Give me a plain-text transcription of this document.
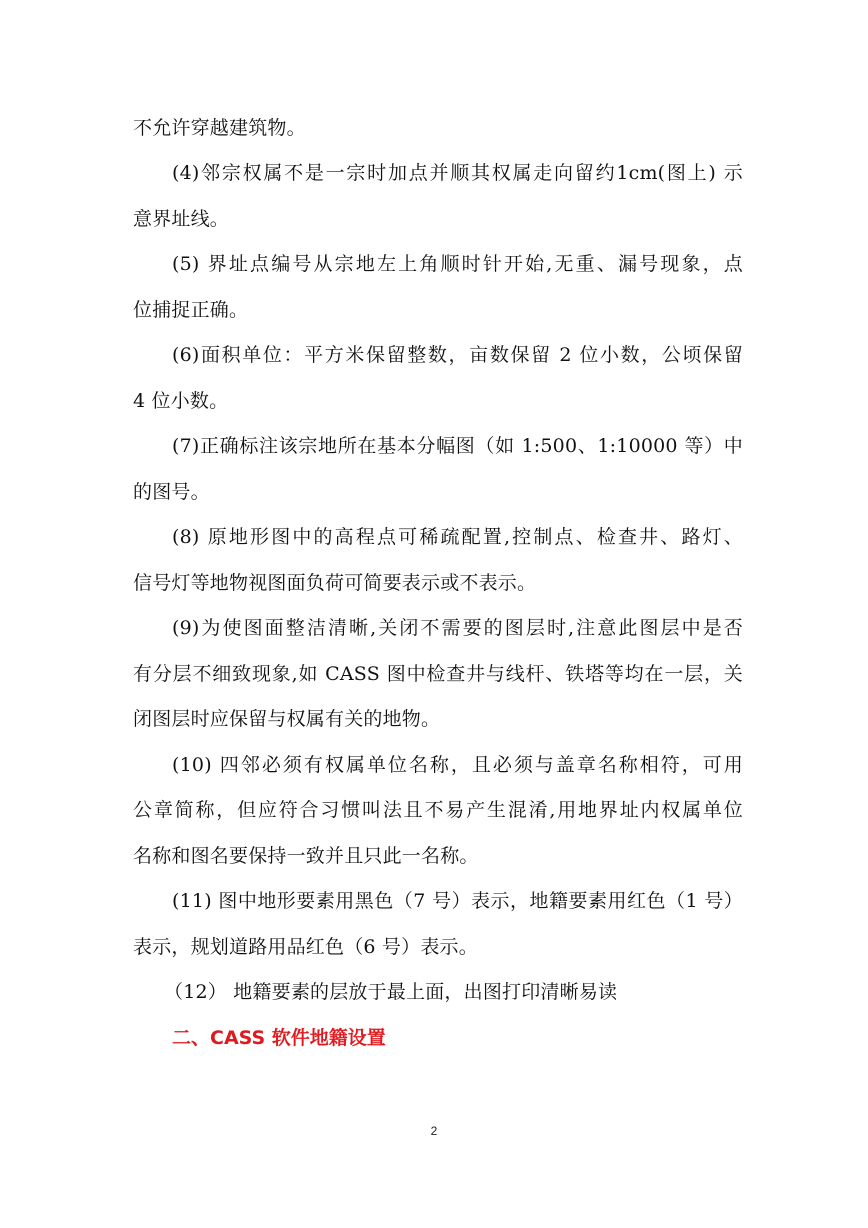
不允许穿越建筑物。
(4)邻宗权属不是一宗时加点并顺其权属走向留约1cm(图上) 示
意界址线。
(5) 界址点编号从宗地左上角顺时针开始,无重、漏号现象，点
位捕捉正确。
(6)面积单位：平方米保留整数，亩数保留 2 位小数，公顷保留
4 位小数。
(7)正确标注该宗地所在基本分幅图（如 1:500、1:10000 等）中
的图号。
(8) 原地形图中的高程点可稀疏配置,控制点、检查井、路灯、
信号灯等地物视图面负荷可简要表示或不表示。
(9)为使图面整洁清晰,关闭不需要的图层时,注意此图层中是否
有分层不细致现象,如 CASS 图中检查井与线杆、铁塔等均在一层，关
闭图层时应保留与权属有关的地物。
(10) 四邻必须有权属单位名称，且必须与盖章名称相符，可用
公章简称，但应符合习惯叫法且不易产生混淆,用地界址内权属单位
名称和图名要保持一致并且只此一名称。
(11) 图中地形要素用黑色（7 号）表示，地籍要素用红色（1 号）
表示，规划道路用品红色（6 号）表示。
（12） 地籍要素的层放于最上面，出图打印清晰易读
二、CASS 软件地籍设置
2
